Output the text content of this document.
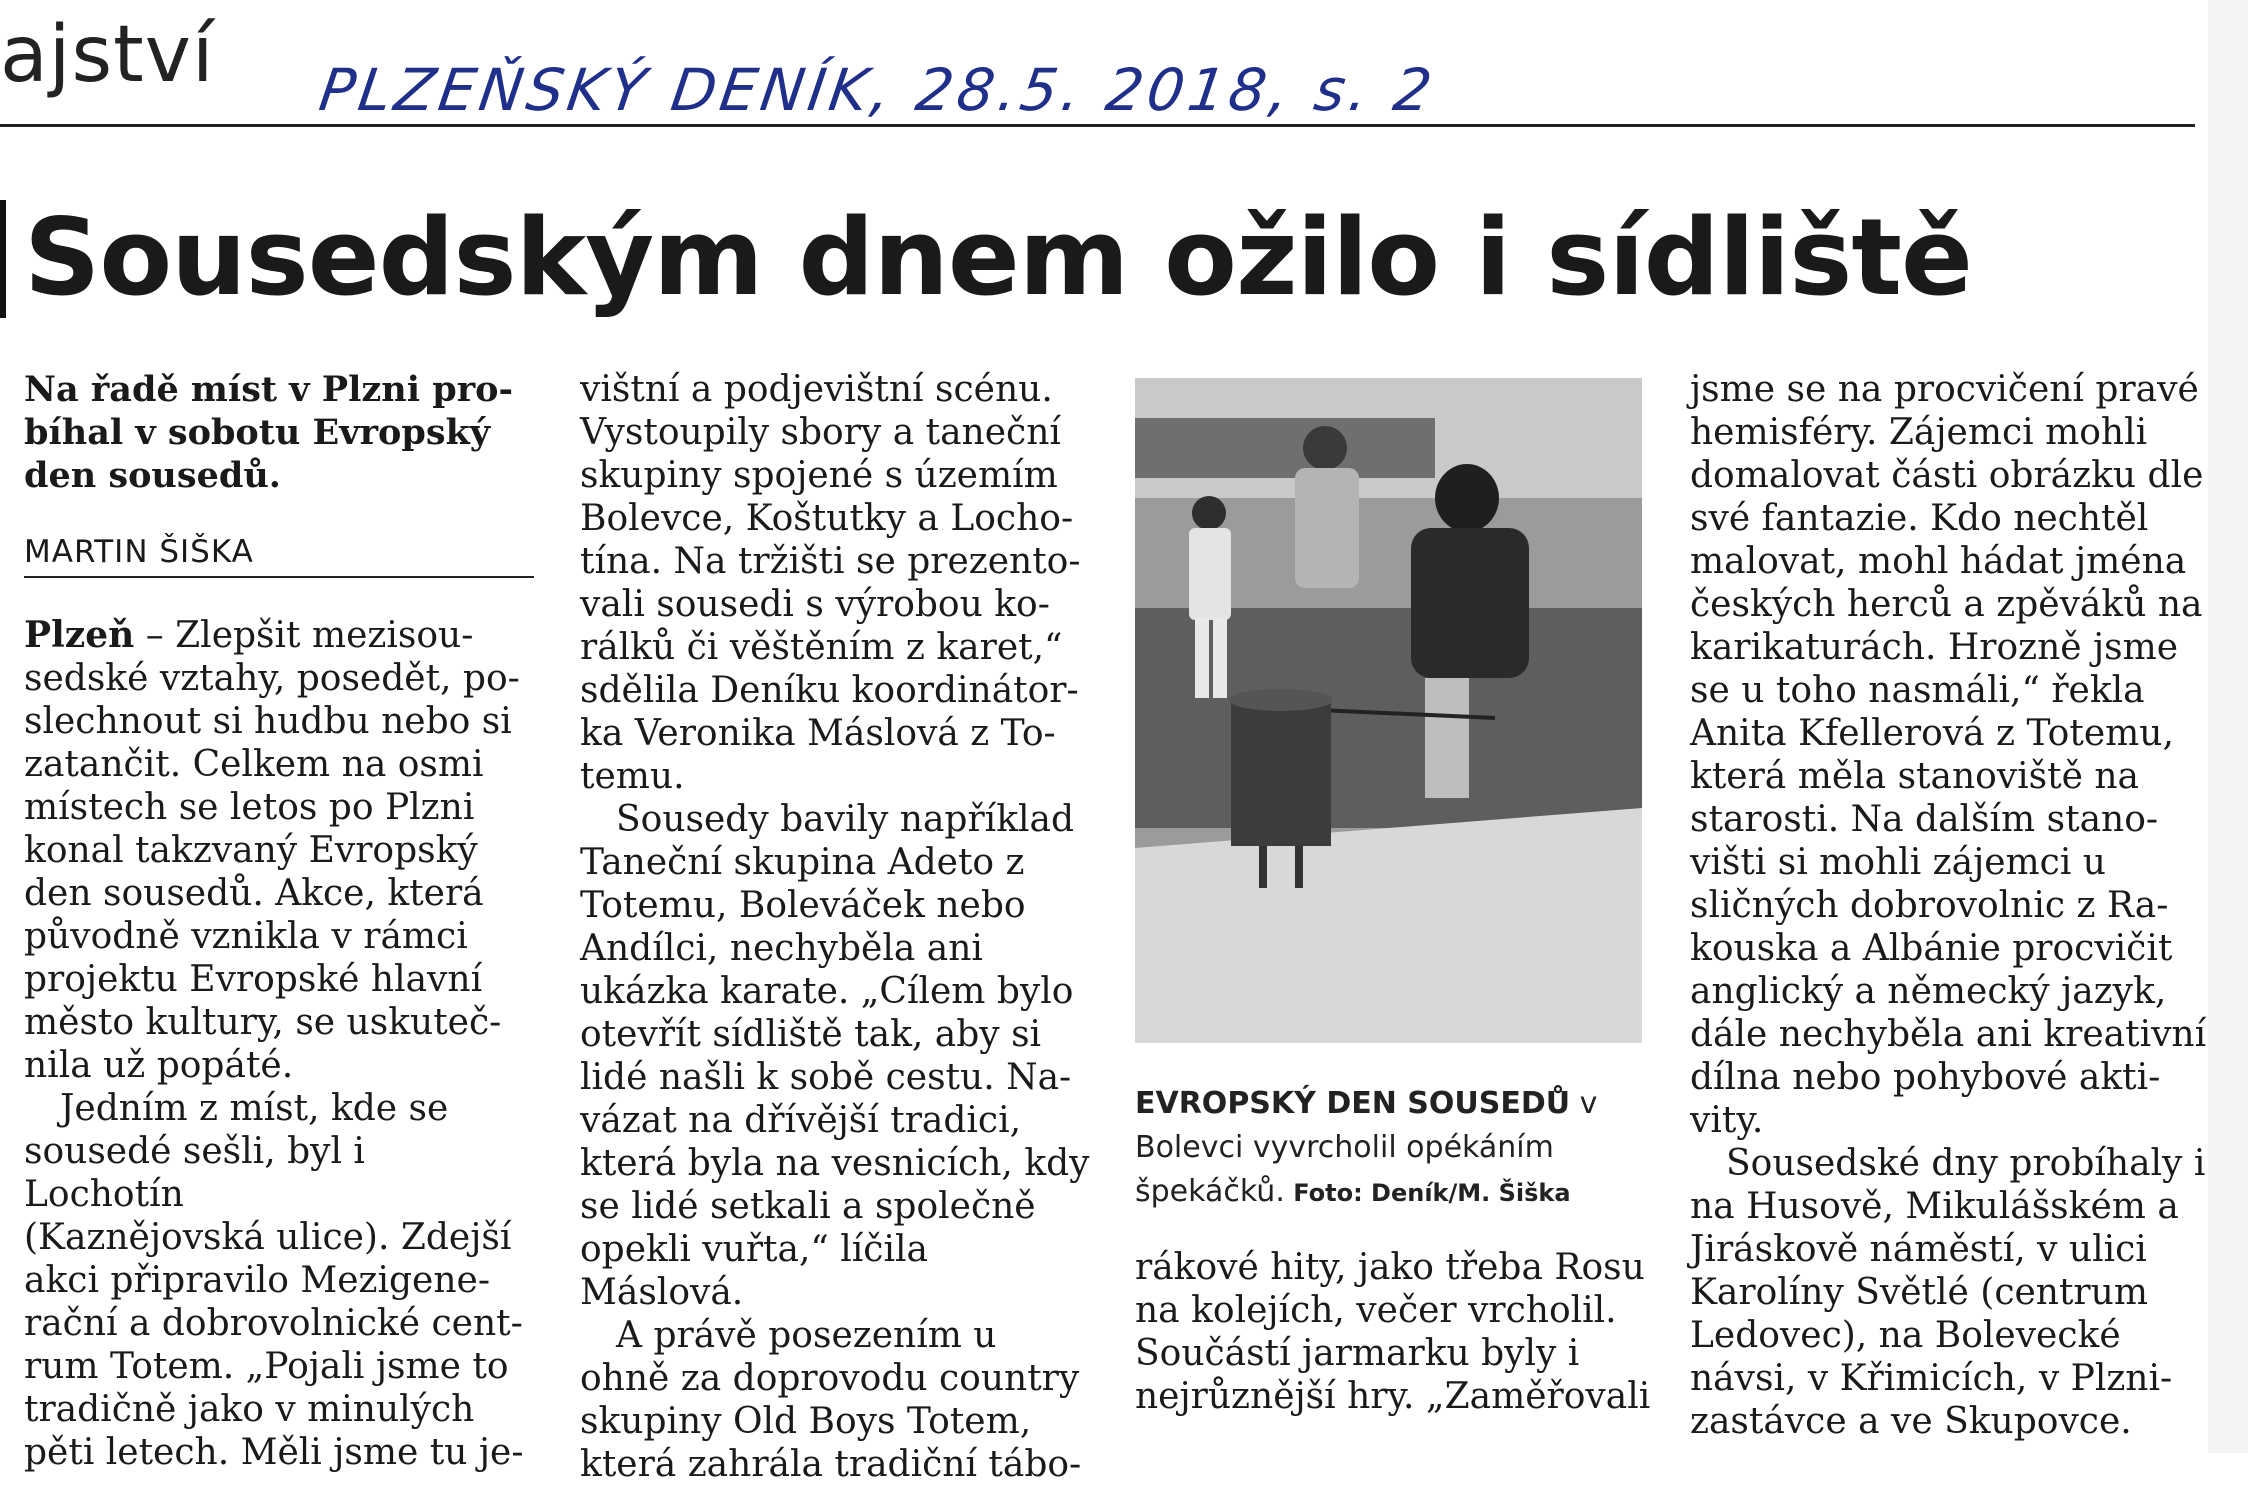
ajství PLZEŇSKÝ DENÍK, 28.5. 2018, s. 2
Sousedským dnem ožilo i sídliště

Na řadě míst v Plzni pro-

bíhal v sobotu Evropský

den sousedů.

MARTIN ŠIŠKA

Plzeň – Zlepšit mezisou-

sedské vztahy, posedět, po-

slechnout si hudbu nebo si

zatančit. Celkem na osmi

místech se letos po Plzni

konal takzvaný Evropský

den sousedů. Akce, která

původně vznikla v rámci

projektu Evropské hlavní

město kultury, se uskuteč-

nila už popáté.

Jedním z míst, kde se

sousedé sešli, byl i Lochotín

(Kaznějovská ulice). Zdejší

akci připravilo Mezigene-

rační a dobrovolnické cent-

rum Totem. „Pojali jsme to

tradičně jako v minulých

pěti letech. Měli jsme tu je-

vištní a podjevištní scénu.

Vystoupily sbory a taneční

skupiny spojené s územím

Bolevce, Koštutky a Locho-

tína. Na tržišti se prezento-

vali sousedi s výrobou ko-

rálků či věštěním z karet,“

sdělila Deníku koordinátor-

ka Veronika Máslová z To-

temu.

Sousedy bavily například

Taneční skupina Adeto z

Totemu, Boleváček nebo

Andílci, nechyběla ani

ukázka karate. „Cílem bylo

otevřít sídliště tak, aby si

lidé našli k sobě cestu. Na-

vázat na dřívější tradici,

která byla na vesnicích, kdy

se lidé setkali a společně

opekli vuřta,“ líčila Máslová.

A právě posezením u

ohně za doprovodu country

skupiny Old Boys Totem,

která zahrála tradiční tábo-

EVROPSKÝ DEN SOUSEDŮ v
Bolevci vyvrcholil opékáním
špekáčků. Foto: Deník/M. Šiška

rákové hity, jako třeba Rosu

na kolejích, večer vrcholil.

Součástí jarmarku byly i

nejrůznější hry. „Zaměřovali

jsme se na procvičení pravé

hemisféry. Zájemci mohli

domalovat části obrázku dle

své fantazie. Kdo nechtěl

malovat, mohl hádat jména

českých herců a zpěváků na

karikaturách. Hrozně jsme

se u toho nasmáli,“ řekla

Anita Kfellerová z Totemu,

která měla stanoviště na

starosti. Na dalším stano-

višti si mohli zájemci u

sličných dobrovolnic z Ra-

kouska a Albánie procvičit

anglický a německý jazyk,

dále nechyběla ani kreativní

dílna nebo pohybové akti-

vity.

Sousedské dny probíhaly i

na Husově, Mikulášském a

Jiráskově náměstí, v ulici

Karolíny Světlé (centrum

Ledovec), na Bolevecké

návsi, v Křimicích, v Plzni-

zastávce a ve Skupovce.
